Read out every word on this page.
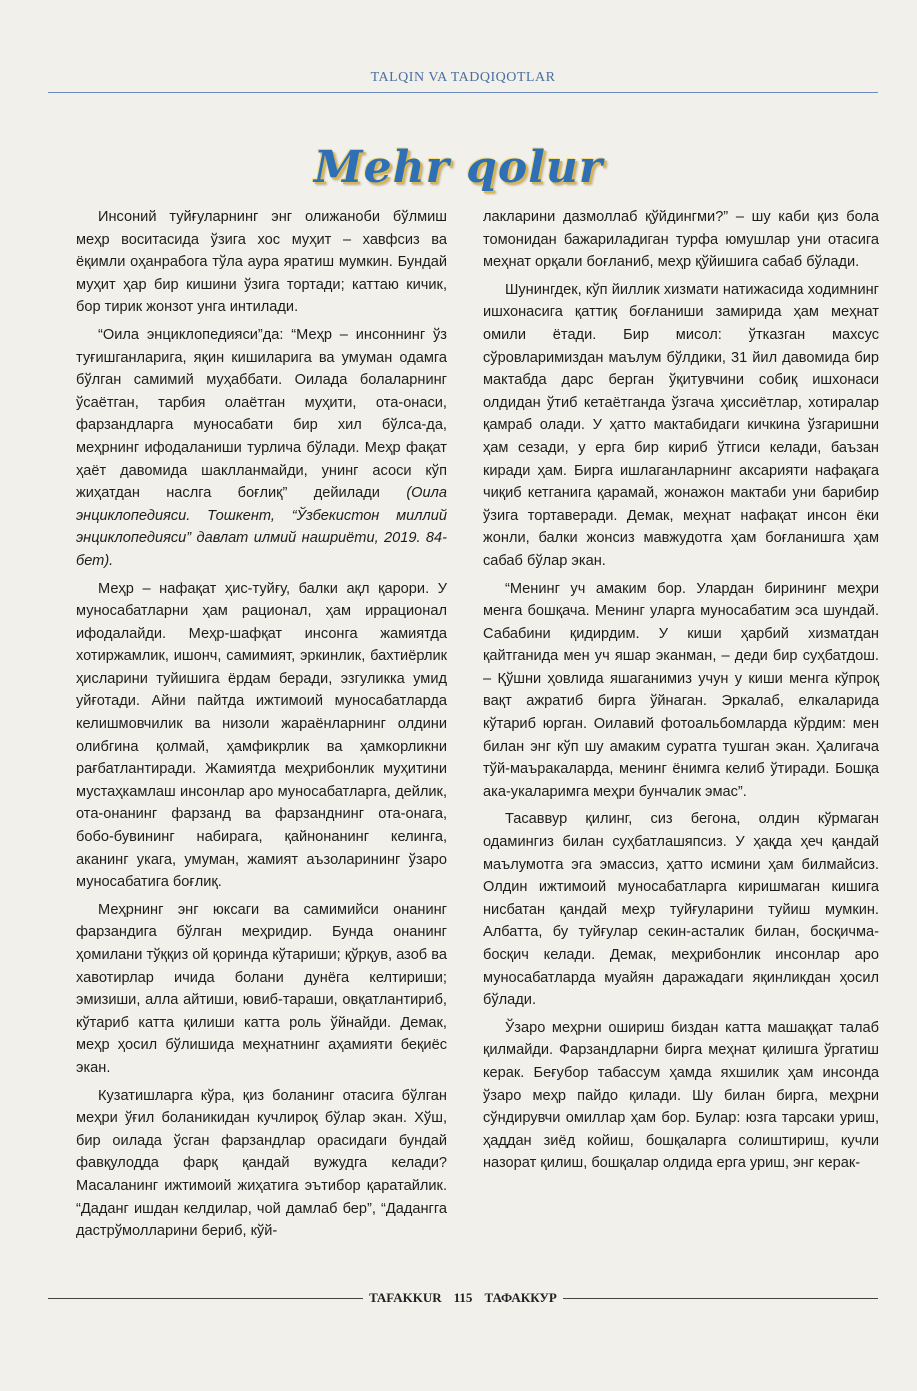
TALQIN VA TADQIQOTLAR
Mehr qolur

Инсоний туйғуларнинг энг олижаноби бўлмиш меҳр воситасида ўзига хос муҳит – хавфсиз ва ёқимли оҳанрабога тўла аура яратиш мумкин. Бундай муҳит ҳар бир кишини ўзига тортади; каттаю кичик, бор тирик жонзот унга интилади.

“Оила энциклопедияси”да: “Меҳр – инсоннинг ўз туғишганларига, яқин кишиларига ва умуман одамга бўлган самимий муҳаббати. Оилада болаларнинг ўсаётган, тарбия олаётган муҳити, ота-онаси, фарзандларга муносабати бир хил бўлса-да, меҳрнинг ифодаланиши турлича бўлади. Меҳр фақат ҳаёт давомида шаклланмайди, унинг асоси кўп жиҳатдан наслга боғлиқ” дейилади (Оила энциклопедияси. Тошкент, “Ўзбекистон миллий энциклопедияси” давлат илмий нашриёти, 2019. 84-бет).

Меҳр – нафақат ҳис-туйғу, балки ақл қарори. У муносабатларни ҳам рационал, ҳам иррационал ифодалайди. Меҳр-шафқат инсонга жамиятда хотиржамлик, ишонч, самимият, эркинлик, бахтиёрлик ҳисларини туйишига ёрдам беради, эзгуликка умид уйғотади. Айни пайтда ижтимоий муносабатларда келишмовчилик ва низоли жараёнларнинг олдини олибгина қолмай, ҳамфикрлик ва ҳамкорликни рағбатлантиради. Жамиятда меҳрибонлик муҳитини мустаҳкамлаш инсонлар аро муносабатларга, дейлик, ота-онанинг фарзанд ва фарзанднинг ота-онага, бобо-бувининг набирага, қайнонанинг келинга, аканинг укага, умуман, жамият аъзоларининг ўзаро муносабатига боғлиқ.

Меҳрнинг энг юксаги ва самимийси онанинг фарзандига бўлган меҳридир. Бунда онанинг ҳомилани тўққиз ой қоринда кўтариши; қўрқув, азоб ва хавотирлар ичида болани дунёга келтириши; эмизиши, алла айтиши, ювиб-тараши, овқатлантириб, кўтариб катта қилиши катта роль ўйнайди. Демак, меҳр ҳосил бўлишида меҳнатнинг аҳамияти беқиёс экан.

Кузатишларга кўра, қиз боланинг отасига бўлган меҳри ўғил боланикидан кучлироқ бўлар экан. Хўш, бир оилада ўсган фарзандлар орасидаги бундай фавқулодда фарқ қандай вужудга келади? Масаланинг ижтимоий жиҳатига эътибор қаратайлик. “Даданг ишдан келдилар, чой дамлаб бер”, “Дадангга дастрўмолларини бериб, кўй-

лакларини дазмоллаб қўйдингми?” – шу каби қиз бола томонидан бажариладиган турфа юмушлар уни отасига меҳнат орқали боғланиб, меҳр қўйишига сабаб бўлади.

Шунингдек, кўп йиллик хизмати натижасида ходимнинг ишхонасига қаттиқ боғланиши замирида ҳам меҳнат омили ётади. Бир мисол: ўтказган махсус сўровларимиздан маълум бўлдики, 31 йил давомида бир мактабда дарс берган ўқитувчини собиқ ишхонаси олдидан ўтиб кетаётганда ўзгача ҳиссиётлар, хотиралар қамраб олади. У ҳатто мактабидаги кичкина ўзгаришни ҳам сезади, у ерга бир кириб ўтгиси келади, баъзан киради ҳам. Бирга ишлаганларнинг аксарияти нафақага чиқиб кетганига қарамай, жонажон мактаби уни барибир ўзига тортаверади. Демак, меҳнат нафақат инсон ёки жонли, балки жонсиз мавжудотга ҳам боғланишга ҳам сабаб бўлар экан.

“Менинг уч амаким бор. Улардан бирининг меҳри менга бошқача. Менинг уларга муносабатим эса шундай. Сабабини қидирдим. У киши ҳарбий хизматдан қайтганида мен уч яшар эканман, – деди бир суҳбатдош. – Қўшни ҳовлида яшаганимиз учун у киши менга кўпроқ вақт ажратиб бирга ўйнаган. Эркалаб, елкаларида кўтариб юрган. Оилавий фотоальбомларда кўрдим: мен билан энг кўп шу амаким суратга тушган экан. Ҳалигача тўй-маъракаларда, менинг ёнимга келиб ўтиради. Бошқа ака-укаларимга меҳри бунчалик эмас”.

Тасаввур қилинг, сиз бегона, олдин кўрмаган одамингиз билан суҳбатлашяпсиз. У ҳақда ҳеч қандай маълумотга эга эмассиз, ҳатто исмини ҳам билмайсиз. Олдин ижтимоий муносабатларга киришмаган кишига нисбатан қандай меҳр туйғуларини туйиш мумкин. Албатта, бу туйғулар секин-асталик билан, босқичма-босқич келади. Демак, меҳрибонлик инсонлар аро муносабатларда муайян даражадаги яқинликдан ҳосил бўлади.

Ўзаро меҳрни ошириш биздан катта машаққат талаб қилмайди. Фарзандларни бирга меҳнат қилишга ўргатиш керак. Беғубор табассум ҳамда яхшилик ҳам инсонда ўзаро меҳр пайдо қилади. Шу билан бирга, меҳрни сўндирувчи омиллар ҳам бор. Булар: юзга тарсаки уриш, ҳаддан зиёд койиш, бошқаларга солиштириш, кучли назорат қилиш, бошқалар олдида ерга уриш, энг керак-

TAFAKKUR 115 ТАФАККУР
